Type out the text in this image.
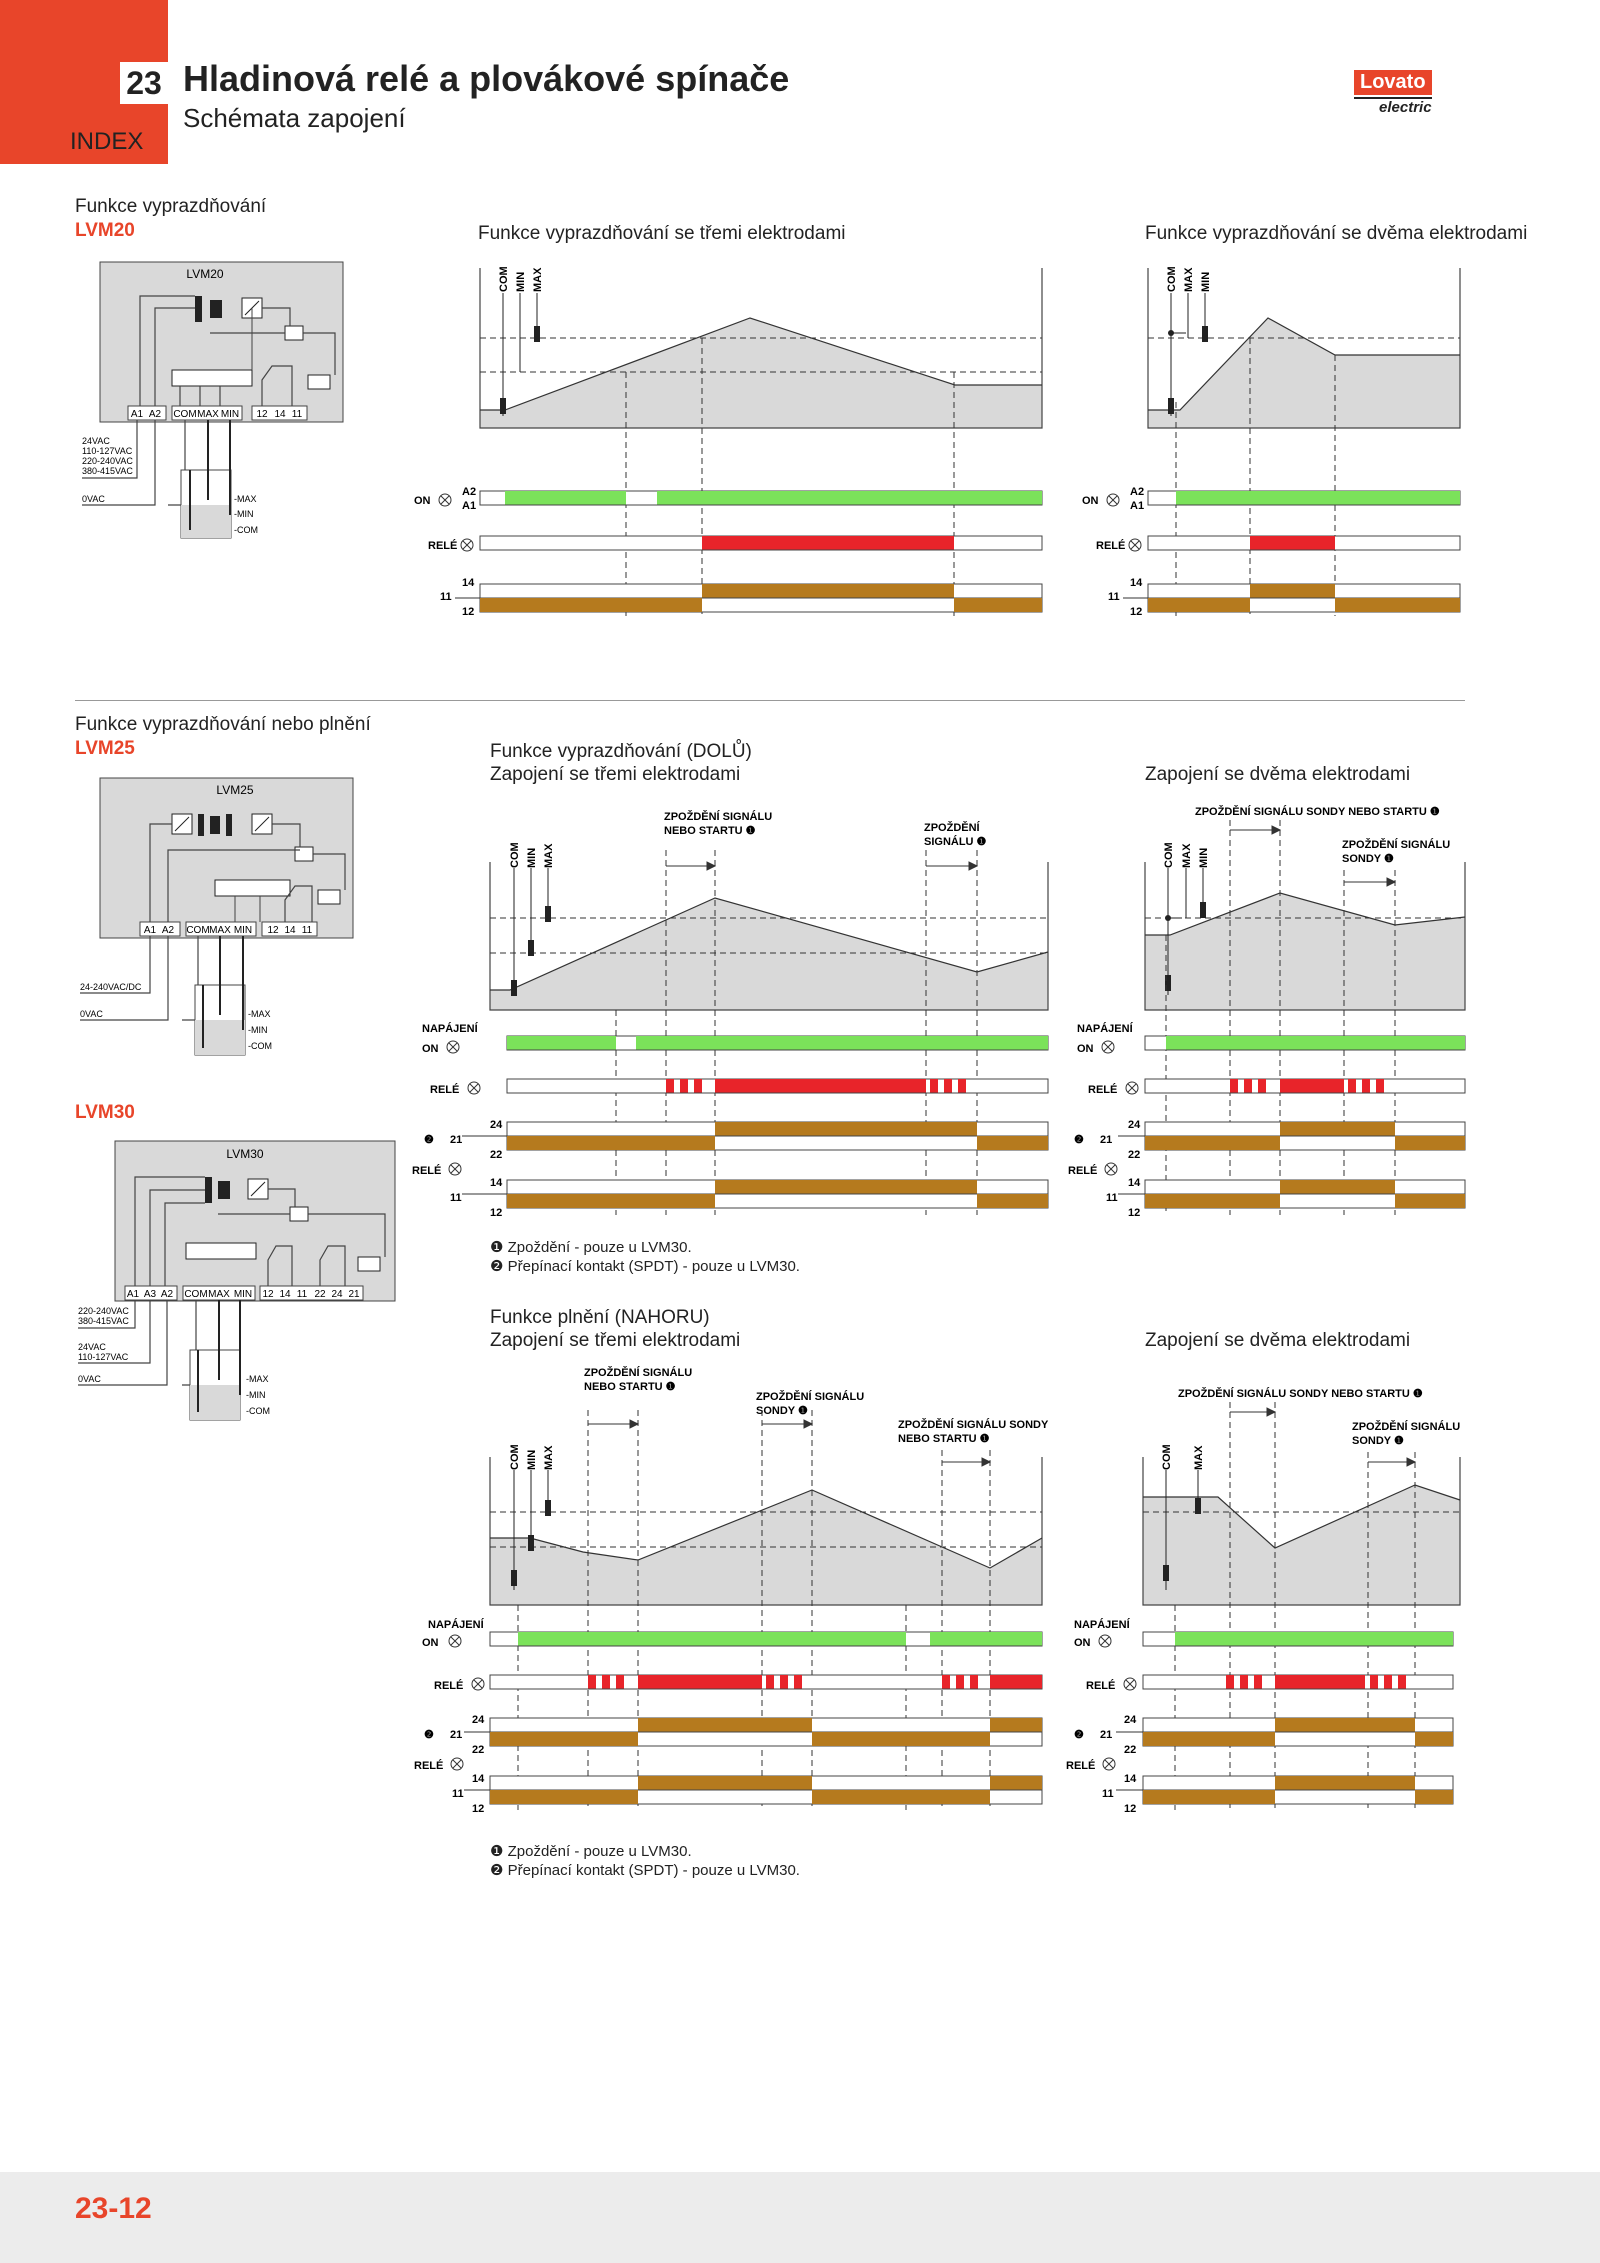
23
INDEX
Hladinová relé a plovákové spínače
Schémata zapojení
Lovato
electric
Funkce vyprazdňování
LVM20
Funkce vyprazdňování nebo plnění
LVM25
LVM30
Funkce vyprazdňování se třemi elektrodami	Funkce vyprazdňování se dvěma elektrodami
Funkce vyprazdňování (DOLŮ)
Zapojení se třemi elektrodami	Zapojení se dvěma elektrodami
Funkce plnění (NAHORU)
Zapojení se třemi elektrodami	Zapojení se dvěma elektrodami
❶ Zpoždění - pouze u LVM30.
❷ Přepínací kontakt (SPDT) - pouze u LVM30.
❶ Zpoždění - pouze u LVM30.
❷ Přepínací kontakt (SPDT) - pouze u LVM30.
LVM20
A1 A2 COM MAX MIN 12 14 11
24VAC
110-127VAC
220-240VAC
380-415VAC
0VAC	-MAX
-MIN
-COM
LVM25
A1 A2 COM MAX MIN 12 14 11
24-240VAC/DC
0VAC	-MAX
-MIN
-COM
LVM30
A1 A3 A2 COM MAX MIN 12 14 11 22 24 21
220-240VAC
380-415VAC
24VAC
110-127VAC
0VAC	-MAX
-MIN
-COM
COM MIN MAX
ON
A2
A1
RELÉ
14
11
12
COM MAX MIN
ON
A2
A1
RELÉ
14
11
12
COM MIN MAX
ZPOŽDĚNÍ SIGNÁLU
NEBO STARTU ❶	ZPOŽDĚNÍ
SIGNÁLU ❶
NAPÁJENÍ
ON
RELÉ
24
❷ 21
22
RELÉ
14
11
12
COM MAX MIN
ZPOŽDĚNÍ SIGNÁLU SONDY NEBO STARTU ❶
ZPOŽDĚNÍ SIGNÁLU
SONDY ❶
NAPÁJENÍ
ON
RELÉ
24
❷ 21
22
RELÉ
14
11
12
COM MIN MAX
ZPOŽDĚNÍ SIGNÁLU
NEBO STARTU ❶
ZPOŽDĚNÍ SIGNÁLU
SONDY ❶
ZPOŽDĚNÍ SIGNÁLU SONDY
NEBO STARTU ❶
NAPÁJENÍ
ON
RELÉ
24
❷ 21
22
RELÉ
14
11
12
COM MAX
ZPOŽDĚNÍ SIGNÁLU SONDY NEBO STARTU ❶
ZPOŽDĚNÍ SIGNÁLU
SONDY ❶
NAPÁJENÍ
ON
RELÉ
24
❷ 21
22
RELÉ
14
11
12
23-12
